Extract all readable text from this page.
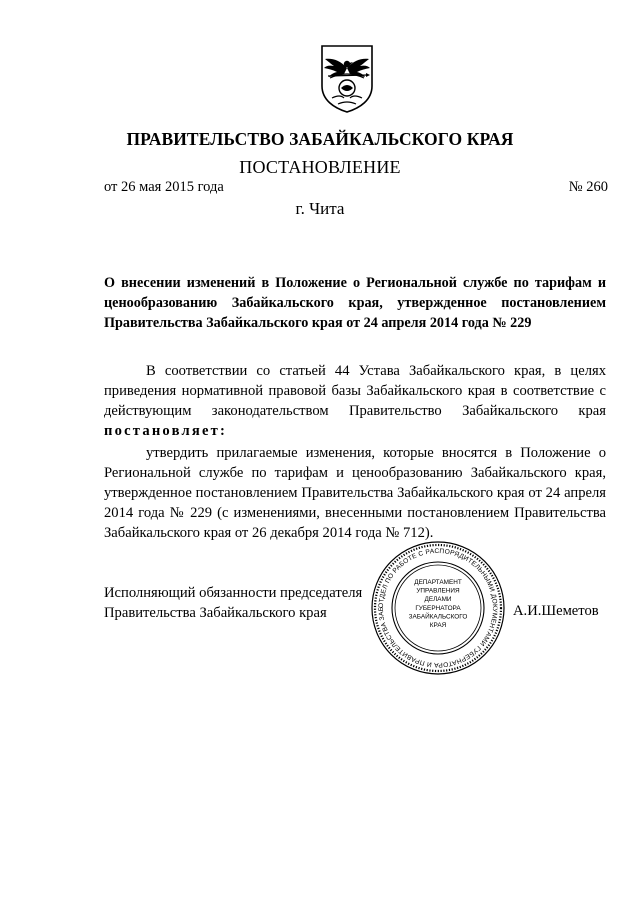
ПРАВИТЕЛЬСТВО ЗАБАЙКАЛЬСКОГО КРАЯ
ПОСТАНОВЛЕНИЕ
от 26 мая 2015 года	№ 260
г. Чита
О внесении изменений в Положение о Региональной службе по тарифам и ценообразованию Забайкальского края, утвержденное постановлением Правительства Забайкальского края от 24 апреля 2014 года № 229
В соответствии со статьей 44 Устава Забайкальского края, в целях приведения нормативной правовой базы Забайкальского края в соответствие с действующим законодательством Правительство Забайкальского края постановляет:
утвердить прилагаемые изменения, которые вносятся в Положение о Региональной службе по тарифам и ценообразованию Забайкальского края, утвержденное постановлением Правительства Забайкальского края от 24 апреля 2014 года № 229 (с изменениями, внесенными постановлением Правительства Забайкальского края от 26 декабря 2014 года № 712).
Исполняющий обязанности председателя
Правительства Забайкальского края	А.И.Шеметов
ОТДЕЛ ПО РАБОТЕ С РАСПОРЯДИТЕЛЬНЫМИ ДОКУМЕНТАМИ ГУБЕРНАТОРА И ПРАВИТЕЛЬСТВА ЗАБ
ДЕПАРТАМЕНТ
УПРАВЛЕНИЯ
ДЕЛАМИ
ГУБЕРНАТОРА
ЗАБАЙКАЛЬСКОГО
КРАЯ
